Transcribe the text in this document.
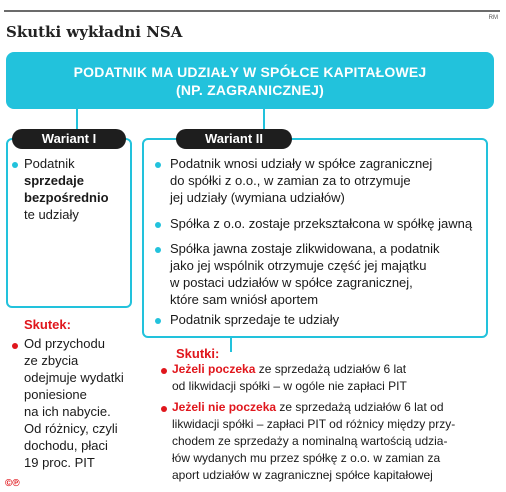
RM
Skutki wykładni NSA
PODATNIK MA UDZIAŁY W SPÓŁCE KAPITAŁOWEJ
(NP. ZAGRANICZNEJ)
Wariant I
Podatnik
sprzedaje
bezpośrednio
te udziały
Wariant II
Podatnik wnosi udziały w spółce zagranicznej
do spółki z o.o., w zamian za to otrzymuje
jej udziały (wymiana udziałów)
Spółka z o.o. zostaje przekształcona w spółkę jawną
Spółka jawna zostaje zlikwidowana, a podatnik
jako jej wspólnik otrzymuje część jej majątku
w postaci udziałów w spółce zagranicznej,
które sam wniósł aportem
Podatnik sprzedaje te udziały
Skutek:
Od przychodu
ze zbycia
odejmuje wydatki
poniesione
na ich nabycie.
Od różnicy, czyli
dochodu, płaci
19 proc. PIT
Skutki:
Jeżeli poczeka ze sprzedażą udziałów 6 lat
od likwidacji spółki – w ogóle nie zapłaci PIT
Jeżeli nie poczeka ze sprzedażą udziałów 6 lat od
likwidacji spółki – zapłaci PIT od różnicy między przy-
chodem ze sprzedaży a nominalną wartością udzia-
łów wydanych mu przez spółkę z o.o. w zamian za
aport udziałów w zagranicznej spółce kapitałowej
©℗
